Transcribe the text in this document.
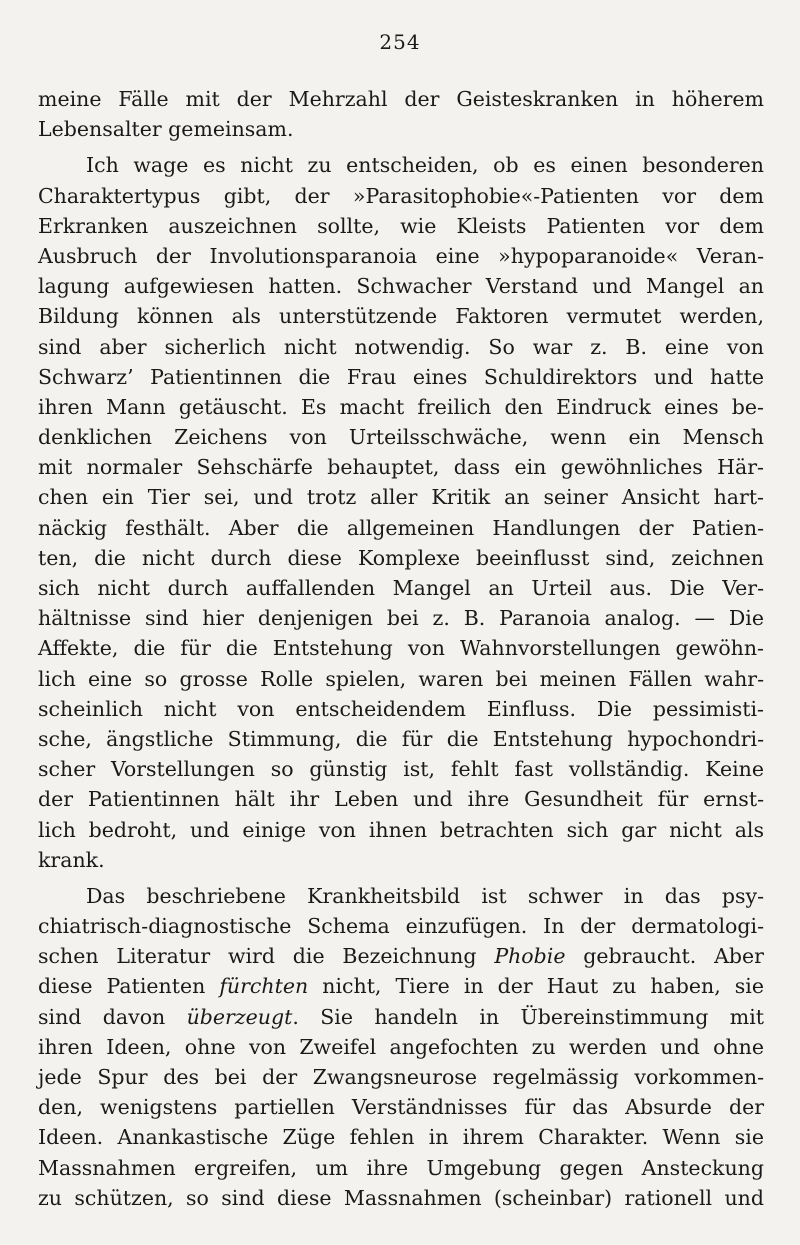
254
meine Fälle mit der Mehrzahl der Geisteskranken in höherem
Lebensalter gemeinsam.
Ich wage es nicht zu entscheiden, ob es einen besonderen
Charaktertypus gibt, der »Parasitophobie«-Patienten vor dem
Erkranken auszeichnen sollte, wie Kleists Patienten vor dem
Ausbruch der Involutionsparanoia eine »hypoparanoide« Veran-
lagung aufgewiesen hatten. Schwacher Verstand und Mangel an
Bildung können als unterstützende Faktoren vermutet werden,
sind aber sicherlich nicht notwendig. So war z. B. eine von
Schwarz’ Patientinnen die Frau eines Schuldirektors und hatte
ihren Mann getäuscht. Es macht freilich den Eindruck eines be-
denklichen Zeichens von Urteilsschwäche, wenn ein Mensch
mit normaler Sehschärfe behauptet, dass ein gewöhnliches Här-
chen ein Tier sei, und trotz aller Kritik an seiner Ansicht hart-
näckig festhält. Aber die allgemeinen Handlungen der Patien-
ten, die nicht durch diese Komplexe beeinflusst sind, zeichnen
sich nicht durch auffallenden Mangel an Urteil aus. Die Ver-
hältnisse sind hier denjenigen bei z. B. Paranoia analog. — Die
Affekte, die für die Entstehung von Wahnvorstellungen gewöhn-
lich eine so grosse Rolle spielen, waren bei meinen Fällen wahr-
scheinlich nicht von entscheidendem Einfluss. Die pessimisti-
sche, ängstliche Stimmung, die für die Entstehung hypochondri-
scher Vorstellungen so günstig ist, fehlt fast vollständig. Keine
der Patientinnen hält ihr Leben und ihre Gesundheit für ernst-
lich bedroht, und einige von ihnen betrachten sich gar nicht als
krank.
Das beschriebene Krankheitsbild ist schwer in das psy-
chiatrisch-diagnostische Schema einzufügen. In der dermatologi-
schen Literatur wird die Bezeichnung Phobie gebraucht. Aber
diese Patienten fürchten nicht, Tiere in der Haut zu haben, sie
sind davon überzeugt. Sie handeln in Übereinstimmung mit
ihren Ideen, ohne von Zweifel angefochten zu werden und ohne
jede Spur des bei der Zwangsneurose regelmässig vorkommen-
den, wenigstens partiellen Verständnisses für das Absurde der
Ideen. Anankastische Züge fehlen in ihrem Charakter. Wenn sie
Massnahmen ergreifen, um ihre Umgebung gegen Ansteckung
zu schützen, so sind diese Massnahmen (scheinbar) rationell und
